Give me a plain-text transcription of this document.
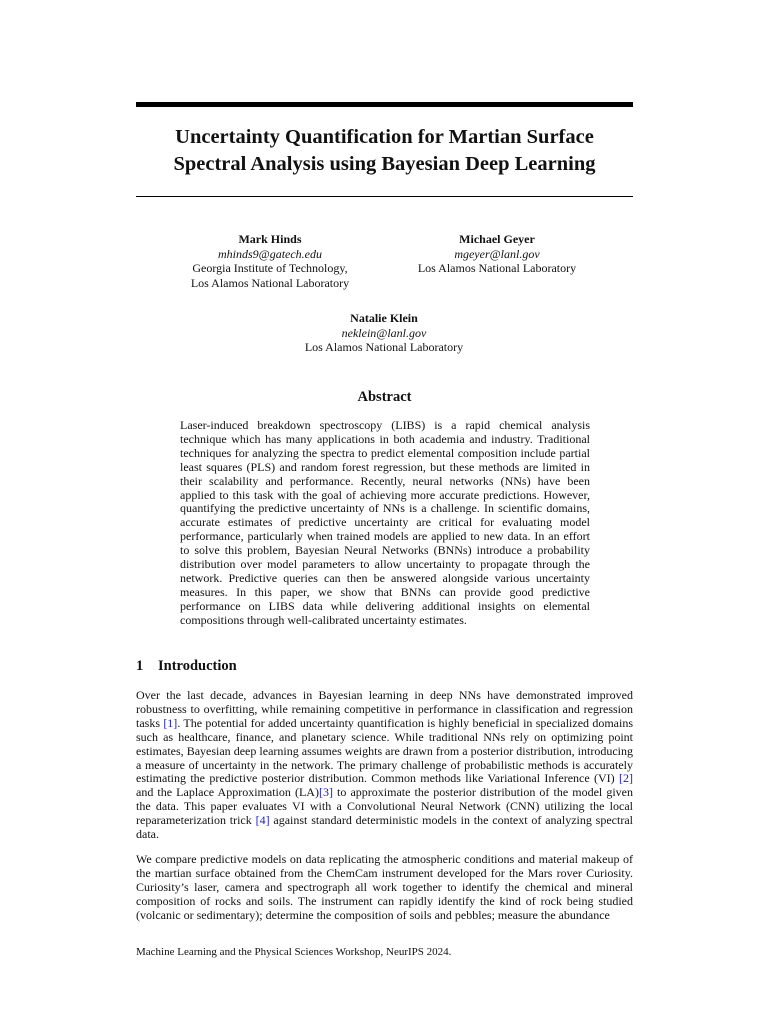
Uncertainty Quantification for Martian Surface
Spectral Analysis using Bayesian Deep Learning
Mark Hinds
mhinds9@gatech.edu
Georgia Institute of Technology,
Los Alamos National Laboratory
Michael Geyer
mgeyer@lanl.gov
Los Alamos National Laboratory
Natalie Klein
neklein@lanl.gov
Los Alamos National Laboratory
Abstract
Laser-induced breakdown spectroscopy (LIBS) is a rapid chemical analysis technique which has many applications in both academia and industry. Traditional techniques for analyzing the spectra to predict elemental composition include partial least squares (PLS) and random forest regression, but these methods are limited in their scalability and performance. Recently, neural networks (NNs) have been applied to this task with the goal of achieving more accurate predictions. However, quantifying the predictive uncertainty of NNs is a challenge. In scientific domains, accurate estimates of predictive uncertainty are critical for evaluating model performance, particularly when trained models are applied to new data. In an effort to solve this problem, Bayesian Neural Networks (BNNs) introduce a probability distribution over model parameters to allow uncertainty to propagate through the network. Predictive queries can then be answered alongside various uncertainty measures. In this paper, we show that BNNs can provide good predictive performance on LIBS data while delivering additional insights on elemental compositions through well-calibrated uncertainty estimates.
1 Introduction
Over the last decade, advances in Bayesian learning in deep NNs have demonstrated improved robustness to overfitting, while remaining competitive in performance in classification and regression tasks [1]. The potential for added uncertainty quantification is highly beneficial in specialized domains such as healthcare, finance, and planetary science. While traditional NNs rely on optimizing point estimates, Bayesian deep learning assumes weights are drawn from a posterior distribution, introducing a measure of uncertainty in the network. The primary challenge of probabilistic methods is accurately estimating the predictive posterior distribution. Common methods like Variational Inference (VI) [2] and the Laplace Approximation (LA)[3] to approximate the posterior distribution of the model given the data. This paper evaluates VI with a Convolutional Neural Network (CNN) utilizing the local reparameterization trick [4] against standard deterministic models in the context of analyzing spectral data.
We compare predictive models on data replicating the atmospheric conditions and material makeup of the martian surface obtained from the ChemCam instrument developed for the Mars rover Curiosity. Curiosity’s laser, camera and spectrograph all work together to identify the chemical and mineral composition of rocks and soils. The instrument can rapidly identify the kind of rock being studied (volcanic or sedimentary); determine the composition of soils and pebbles; measure the abundance
Machine Learning and the Physical Sciences Workshop, NeurIPS 2024.
